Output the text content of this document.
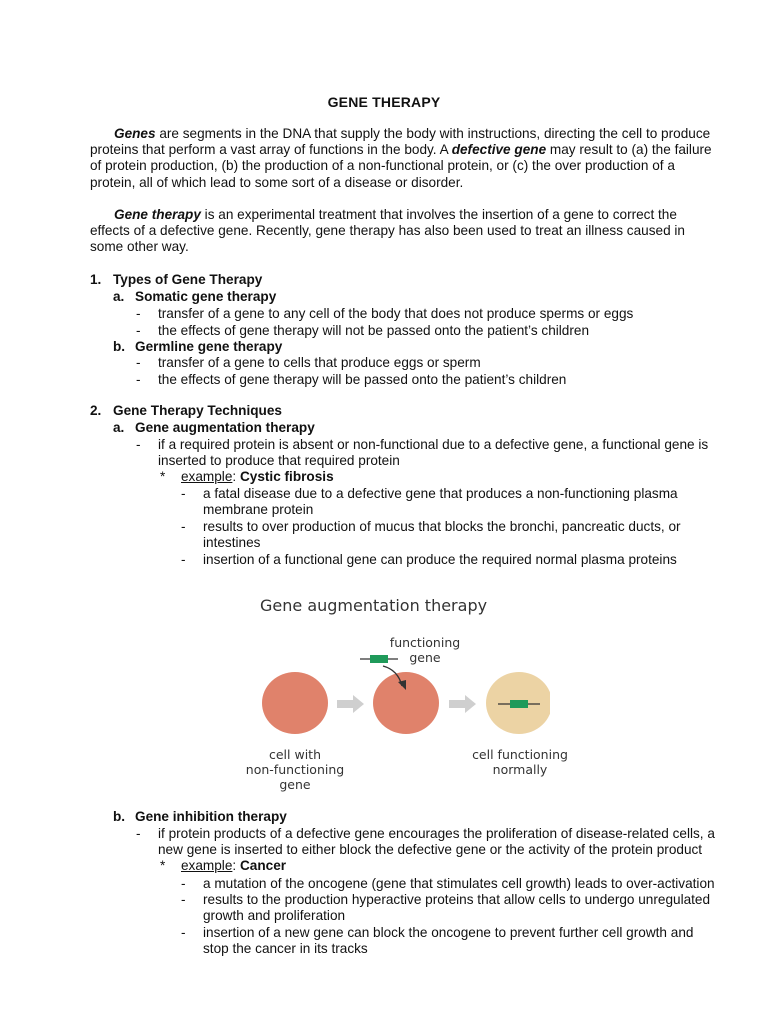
GENE THERAPY
Genes are segments in the DNA that supply the body with instructions, directing the cell to produce proteins that perform a vast array of functions in the body. A defective gene may result to (a) the failure of protein production, (b) the production of a non-functional protein, or (c) the over production of a protein, all of which lead to some sort of a disease or disorder.
Gene therapy is an experimental treatment that involves the insertion of a gene to correct the effects of a defective gene. Recently, gene therapy has also been used to treat an illness caused in some other way.
1. Types of Gene Therapy
a. Somatic gene therapy
- transfer of a gene to any cell of the body that does not produce sperms or eggs
- the effects of gene therapy will not be passed onto the patient’s children
b. Germline gene therapy
- transfer of a gene to cells that produce eggs or sperm
- the effects of gene therapy will be passed onto the patient’s children
2. Gene Therapy Techniques
a. Gene augmentation therapy
- if a required protein is absent or non-functional due to a defective gene, a functional gene is inserted to produce that required protein
* example: Cystic fibrosis
- a fatal disease due to a defective gene that produces a non-functioning plasma membrane protein
- results to over production of mucus that blocks the bronchi, pancreatic ducts, or intestines
- insertion of a functional gene can produce the required normal plasma proteins
Gene augmentation therapy
functioning
gene
cell with
non-functioning
gene
cell functioning
normally
b. Gene inhibition therapy
- if protein products of a defective gene encourages the proliferation of disease-related cells, a new gene is inserted to either block the defective gene or the activity of the protein product
* example: Cancer
- a mutation of the oncogene (gene that stimulates cell growth) leads to over-activation
- results to the production hyperactive proteins that allow cells to undergo unregulated growth and proliferation
- insertion of a new gene can block the oncogene to prevent further cell growth and stop the cancer in its tracks
